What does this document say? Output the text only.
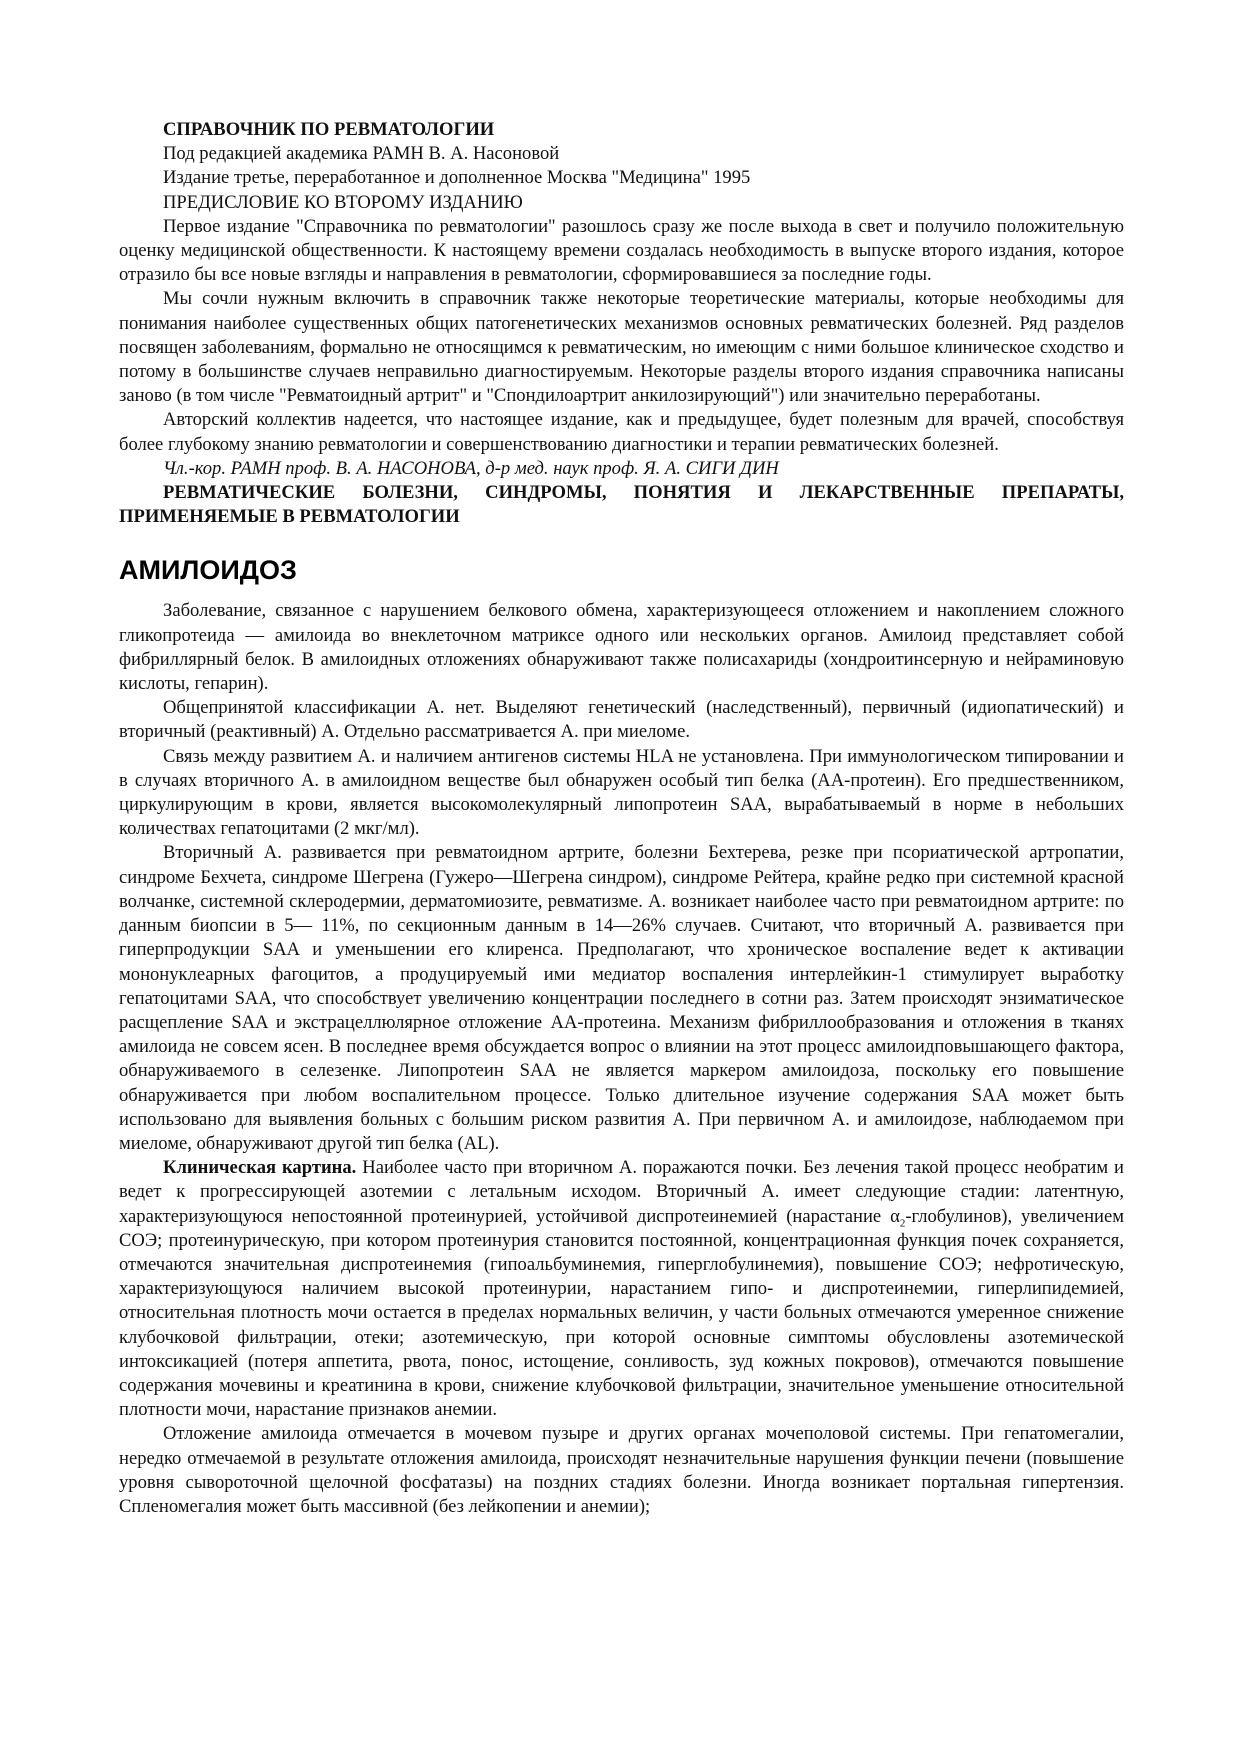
СПРАВОЧНИК ПО РЕВМАТОЛОГИИ

Под редакцией академика РАМН В. А. Насоновой

Издание третье, переработанное и дополненное Москва "Медицина" 1995

ПРЕДИСЛОВИЕ КО ВТОРОМУ ИЗДАНИЮ

Первое издание "Справочника по ревматологии" разошлось сразу же после выхода в свет и получило положительную оценку медицинской общественности. К настоящему времени создалась необходимость в выпуске второго издания, которое отразило бы все новые взгляды и направления в ревматологии, сформировавшиеся за последние годы.

Мы сочли нужным включить в справочник также некоторые теоретические материалы, которые необходимы для понимания наиболее существенных общих патогенетических механизмов основных ревматических болезней. Ряд разделов посвящен заболеваниям, формально не относящимся к ревматическим, но имеющим с ними большое клиническое сходство и потому в большинстве случаев неправильно диагностируемым. Некоторые разделы второго издания справочника написаны заново (в том числе "Ревматоидный артрит" и "Спондилоартрит анкилозирующий") или значительно переработаны.

Авторский коллектив надеется, что настоящее издание, как и предыдущее, будет полезным для врачей, способствуя более глубокому знанию ревматологии и совершенствованию диагностики и терапии ревматических болезней.

Чл.-кор. РАМН проф. В. А. НАСОНОВА, д-р мед. наук проф. Я. А. СИГИ ДИН

РЕВМАТИЧЕСКИЕ БОЛЕЗНИ, СИНДРОМЫ, ПОНЯТИЯ И ЛЕКАРСТВЕННЫЕ ПРЕПАРАТЫ, ПРИМЕНЯЕМЫЕ В РЕВМАТОЛОГИИ

АМИЛОИДОЗ

Заболевание, связанное с нарушением белкового обмена, характеризующееся отложением и накоплением сложного гликопротеида — амилоида во внеклеточном матриксе одного или нескольких органов. Амилоид представляет собой фибриллярный белок. В амилоидных отложениях обнаруживают также полисахариды (хондроитинсерную и нейраминовую кислоты, гепарин).

Общепринятой классификации А. нет. Выделяют генетический (наследственный), первичный (идиопатический) и вторичный (реактивный) А. Отдельно рассматривается А. при миеломе.

Связь между развитием А. и наличием антигенов системы HLA не установлена. При иммунологическом типировании и в случаях вторичного А. в амилоидном веществе был обнаружен особый тип белка (АА-протеин). Его предшественником, циркулирующим в крови, является высокомолекулярный липопротеин SAA, вырабатываемый в норме в небольших количествах гепатоцитами (2 мкг/мл).

Вторичный А. развивается при ревматоидном артрите, болезни Бехтерева, резке при псориатической артропатии, синдроме Бехчета, синдроме Шегрена (Гужеро—Шегрена синдром), синдроме Рейтера, крайне редко при системной красной волчанке, системной склеродермии, дерматомиозите, ревматизме. А. возникает наиболее часто при ревматоидном артрите: по данным биопсии в 5— 11%, по секционным данным в 14—26% случаев. Считают, что вторичный А. развивается при гиперпродукции SAA и уменьшении его клиренса. Предполагают, что хроническое воспаление ведет к активации мононуклеарных фагоцитов, а продуцируемый ими медиатор воспаления интерлейкин-1 стимулирует выработку гепатоцитами SAA, что способствует увеличению концентрации последнего в сотни раз. Затем происходят энзиматическое расщепление SAA и экстрацеллюлярное отложение АА-протеина. Механизм фибриллообразования и отложения в тканях амилоида не совсем ясен. В последнее время обсуждается вопрос о влиянии на этот процесс амилоидповышающего фактора, обнаруживаемого в селезенке. Липопротеин SAA не является маркером амилоидоза, поскольку его повышение обнаруживается при любом воспалительном процессе. Только длительное изучение содержания SAA может быть использовано для выявления больных с большим риском развития А. При первичном А. и амилоидозе, наблюдаемом при миеломе, обнаруживают другой тип белка (AL).

Клиническая картина. Наиболее часто при вторичном А. поражаются почки. Без лечения такой процесс необратим и ведет к прогрессирующей азотемии с летальным исходом. Вторичный А. имеет следующие стадии: латентную, характеризующуюся непостоянной протеинурией, устойчивой диспротеинемией (нарастание $\alpha_2-глобулинов$), увеличением СОЭ; протеинурическую, при котором протеинурия становится постоянной, концентрационная функция почек сохраняется, отмечаются значительная диспротеинемия (гипоальбуминемия, гиперглобулинемия), повышение СОЭ; нефротическую, характеризующуюся наличием высокой протеинурии, нарастанием гипо- и диспротеинемии, гиперлипидемией, относительная плотность мочи остается в пределах нормальных величин, у части больных отмечаются умеренное снижение клубочковой фильтрации, отеки; азотемическую, при которой основные симптомы обусловлены азотемической интоксикацией (потеря аппетита, рвота, понос, истощение, сонливость, зуд кожных покровов), отмечаются повышение содержания мочевины и креатинина в крови, снижение клубочковой фильтрации, значительное уменьшение относительной плотности мочи, нарастание признаков анемии.

Отложение амилоида отмечается в мочевом пузыре и других органах мочеполовой системы. При гепатомегалии, нередко отмечаемой в результате отложения амилоида, происходят незначительные нарушения функции печени (повышение уровня сывороточной щелочной фосфатазы) на поздних стадиях болезни. Иногда возникает портальная гипертензия. Спленомегалия может быть массивной (без лейкопении и анемии);
